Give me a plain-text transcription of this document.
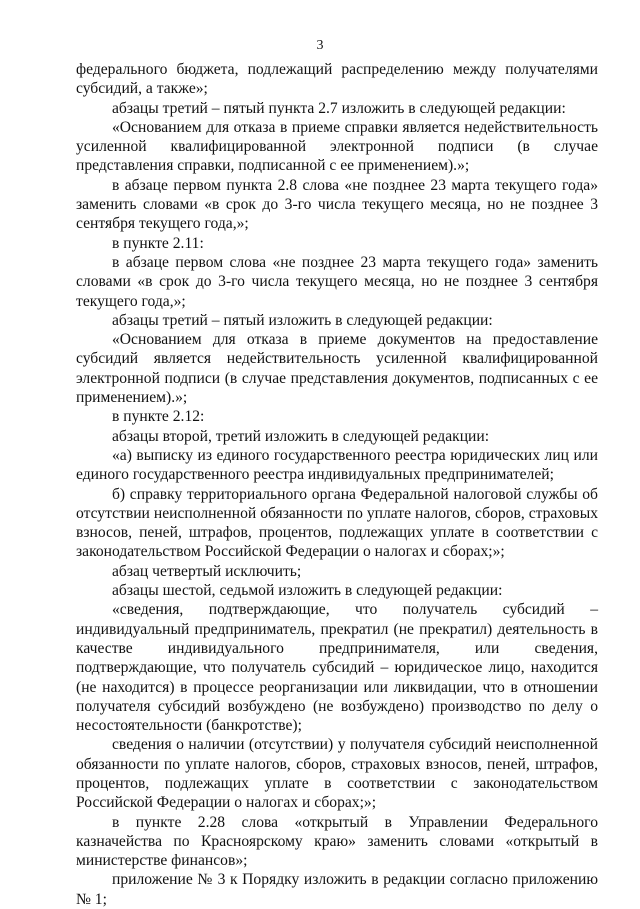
3

федерального бюджета, подлежащий распределению между получателями субсидий, а также»;

абзацы третий – пятый пункта 2.7 изложить в следующей редакции:

«Основанием для отказа в приеме справки является недействительность усиленной квалифицированной электронной подписи (в случае представления справки, подписанной с ее применением).»;

в абзаце первом пункта 2.8 слова «не позднее 23 марта текущего года» заменить словами «в срок до 3-го числа текущего месяца, но не позднее 3 сентября текущего года,»;

в пункте 2.11:

в абзаце первом слова «не позднее 23 марта текущего года» заменить словами «в срок до 3-го числа текущего месяца, но не позднее 3 сентября текущего года,»;

абзацы третий – пятый изложить в следующей редакции:

«Основанием для отказа в приеме документов на предоставление субсидий является недействительность усиленной квалифицированной электронной подписи (в случае представления документов, подписанных с ее применением).»;

в пункте 2.12:

абзацы второй, третий изложить в следующей редакции:

«а) выписку из единого государственного реестра юридических лиц или единого государственного реестра индивидуальных предпринимателей;

б) справку территориального органа Федеральной налоговой службы об отсутствии неисполненной обязанности по уплате налогов, сборов, страховых взносов, пеней, штрафов, процентов, подлежащих уплате в соответствии с законодательством Российской Федерации о налогах и сборах;»;

абзац четвертый исключить;

абзацы шестой, седьмой изложить в следующей редакции:

«сведения, подтверждающие, что получатель субсидий – индивидуальный предприниматель, прекратил (не прекратил) деятельность в качестве индивидуального предпринимателя, или сведения, подтверждающие, что получатель субсидий – юридическое лицо, находится (не находится) в процессе реорганизации или ликвидации, что в отношении получателя субсидий возбуждено (не возбуждено) производство по делу о несостоятельности (банкротстве);

сведения о наличии (отсутствии) у получателя субсидий неисполненной обязанности по уплате налогов, сборов, страховых взносов, пеней, штрафов, процентов, подлежащих уплате в соответствии с законодательством Российской Федерации о налогах и сборах;»;

в пункте 2.28 слова «открытый в Управлении Федерального казначейства по Красноярскому краю» заменить словами «открытый в министерстве финансов»;

приложение № 3 к Порядку изложить в редакции согласно приложению № 1;
